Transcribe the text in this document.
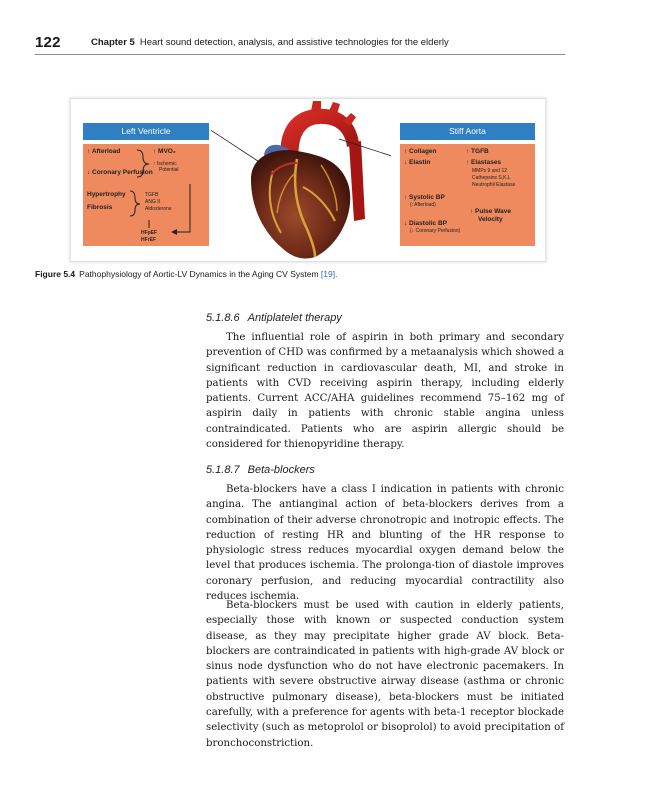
122	Chapter 5 Heart sound detection, analysis, and assistive technologies for the elderly
Left Ventricle
↑ Afterload
↓ Coronary Perfusion
↑ MVO₂
↑ Ischemic
Potential
Hypertrophy
Fibrosis
TGFB
ANG II
Aldosterone
HFpEF
HFrEF
Stiff Aorta
↑ Collagen
↓ Elastin
↑ TGFB
↑ Elastases
MMPs 9 and 12
Cathepsins S,K,L
Neutrophil Elastase
↑ Systolic BP
(↑Afterload)
↑ Pulse Wave
Velocity
↓ Diastolic BP
(↓ Coronary Perfusion)
Figure 5.4 Pathophysiology of Aortic-LV Dynamics in the Aging CV System [19].
5.1.8.6 Antiplatelet therapy

The influential role of aspirin in both primary and secondary prevention of CHD was confirmed by a metaanalysis which showed a significant reduction in cardiovascular death, MI, and stroke in patients with CVD receiving aspirin therapy, including elderly patients. Current ACC/AHA guidelines recommend 75–162 mg of aspirin daily in patients with chronic stable angina unless contraindicated. Patients who are aspirin allergic should be considered for thienopyridine therapy.

5.1.8.7 Beta-blockers

Beta-blockers have a class I indication in patients with chronic angina. The antianginal action of beta-blockers derives from a combination of their adverse chronotropic and inotropic effects. The reduction of resting HR and blunting of the HR response to physiologic stress reduces myocardial oxygen demand below the level that produces ischemia. The prolonga-tion of diastole improves coronary perfusion, and reducing myocardial contractility also reduces ischemia.

Beta-blockers must be used with caution in elderly patients, especially those with known or suspected conduction system disease, as they may precipitate higher grade AV block. Beta-blockers are contraindicated in patients with high-grade AV block or sinus node dysfunction who do not have electronic pacemakers. In patients with severe obstructive airway disease (asthma or chronic obstructive pulmonary disease), beta-blockers must be initiated carefully, with a preference for agents with beta-1 receptor blockade selectivity (such as metoprolol or bisoprolol) to avoid precipitation of bronchoconstriction.
